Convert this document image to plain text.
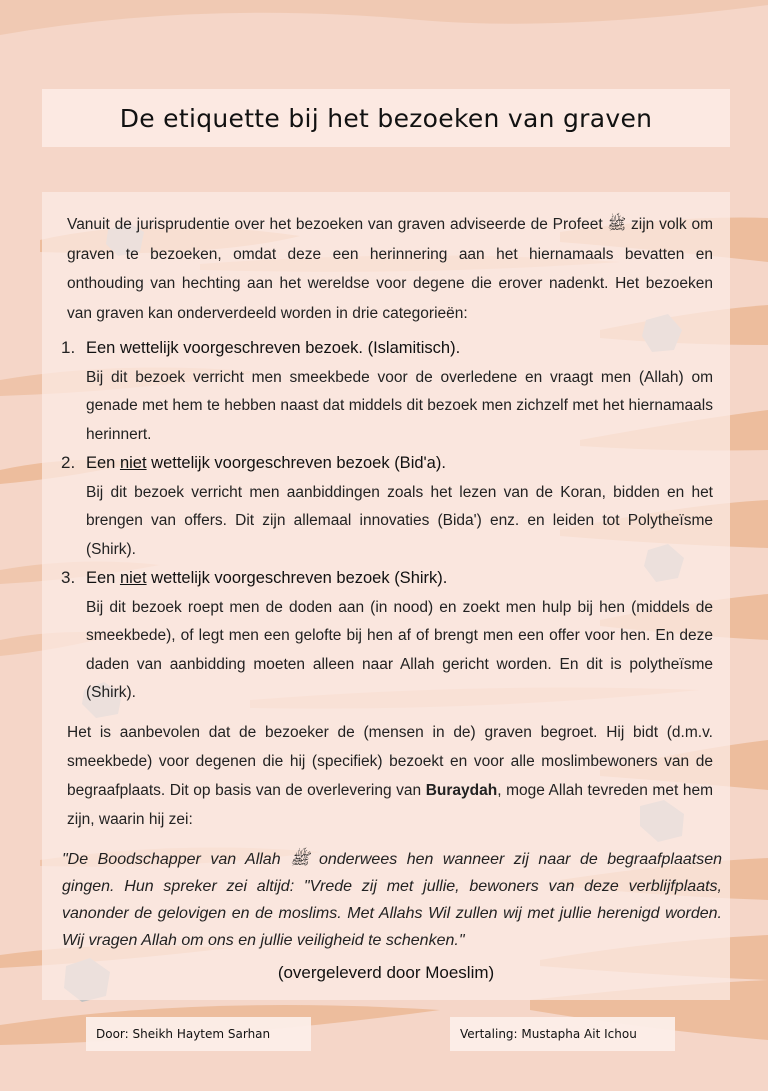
De etiquette bij het bezoeken van graven

Vanuit de jurisprudentie over het bezoeken van graven adviseerde de Profeet ﷺ zijn volk om graven te bezoeken, omdat deze een herinnering aan het hiernamaals bevatten en onthouding van hechting aan het wereldse voor degene die erover nadenkt. Het bezoeken van graven kan onderverdeeld worden in drie categorieën:

1. Een wettelijk voorgeschreven bezoek. (Islamitisch).
Bij dit bezoek verricht men smeekbede voor de overledene en vraagt men (Allah) om genade met hem te hebben naast dat middels dit bezoek men zichzelf met het hiernamaals herinnert.
2. Een niet wettelijk voorgeschreven bezoek (Bid'a).
Bij dit bezoek verricht men aanbiddingen zoals het lezen van de Koran, bidden en het brengen van offers. Dit zijn allemaal innovaties (Bida') enz. en leiden tot Polytheïsme (Shirk).
3. Een niet wettelijk voorgeschreven bezoek (Shirk).
Bij dit bezoek roept men de doden aan (in nood) en zoekt men hulp bij hen (middels de smeekbede), of legt men een gelofte bij hen af of brengt men een offer voor hen. En deze daden van aanbidding moeten alleen naar Allah gericht worden. En dit is polytheïsme (Shirk).

Het is aanbevolen dat de bezoeker de (mensen in de) graven begroet. Hij bidt (d.m.v. smeekbede) voor degenen die hij (specifiek) bezoekt en voor alle moslimbewoners van de begraafplaats. Dit op basis van de overlevering van Buraydah, moge Allah tevreden met hem zijn, waarin hij zei:

"De Boodschapper van Allah ﷺ onderwees hen wanneer zij naar de begraafplaatsen gingen. Hun spreker zei altijd: "Vrede zij met jullie, bewoners van deze verblijfplaats, vanonder de gelovigen en de moslims. Met Allahs Wil zullen wij met jullie herenigd worden. Wij vragen Allah om ons en jullie veiligheid te schenken."
(overgeleverd door Moeslim)
Door: Sheikh Haytem Sarhan	Vertaling: Mustapha Ait Ichou
